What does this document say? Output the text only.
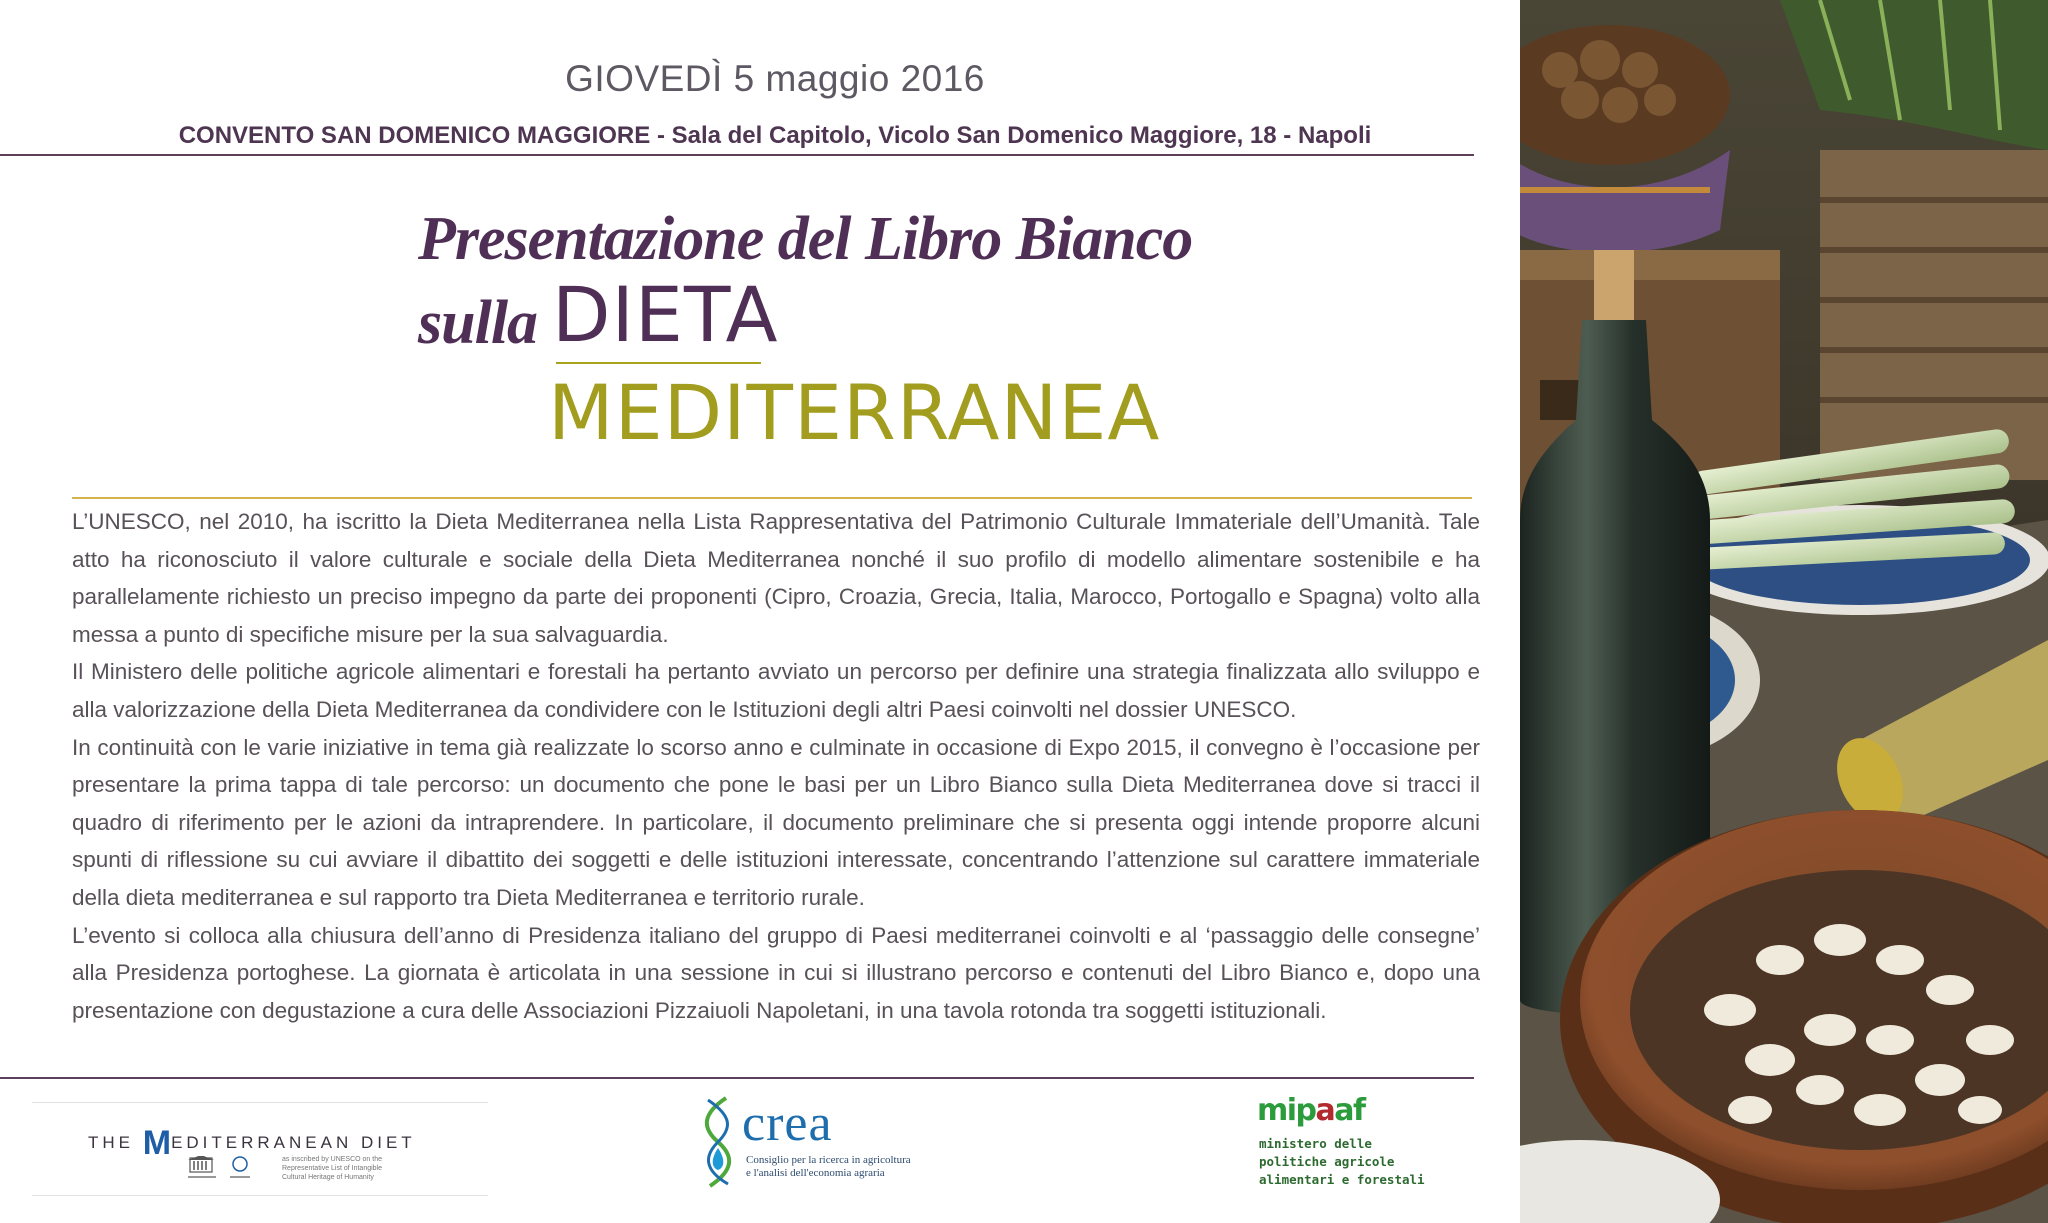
GIOVEDÌ 5 maggio 2016
CONVENTO SAN DOMENICO MAGGIORE - Sala del Capitolo, Vicolo San Domenico Maggiore, 18 - Napoli
Presentazione del Libro Bianco
sulla DIETA
MEDITERRANEA

L’UNESCO, nel 2010, ha iscritto la Dieta Mediterranea nella Lista Rappresentativa del Patrimonio Culturale Immateriale dell’Umanità. Tale atto ha riconosciuto il valore culturale e sociale della Dieta Mediterranea nonché il suo profilo di modello alimentare sostenibile e ha parallelamente richiesto un preciso impegno da parte dei proponenti (Cipro, Croazia, Grecia, Italia, Marocco, Portogallo e Spagna) volto alla messa a punto di specifiche misure per la sua salvaguardia.

Il Ministero delle politiche agricole alimentari e forestali ha pertanto avviato un percorso per definire una strategia finalizzata allo sviluppo e alla valorizzazione della Dieta Mediterranea da condividere con le Istituzioni degli altri Paesi coinvolti nel dossier UNESCO.

In continuità con le varie iniziative in tema già realizzate lo scorso anno e culminate in occasione di Expo 2015, il convegno è l’occasione per presentare la prima tappa di tale percorso: un documento che pone le basi per un Libro Bianco sulla Dieta Mediterranea dove si tracci il quadro di riferimento per le azioni da intraprendere. In particolare, il documento preliminare che si presenta oggi intende proporre alcuni spunti di riflessione su cui avviare il dibattito dei soggetti e delle istituzioni interessate, concentrando l’attenzione sul carattere immateriale della dieta mediterranea e sul rapporto tra Dieta Mediterranea e territorio rurale.

L’evento si colloca alla chiusura dell’anno di Presidenza italiano del gruppo di Paesi mediterranei coinvolti e al ‘passaggio delle consegne’ alla Presidenza portoghese. La giornata è articolata in una sessione in cui si illustrano percorso e contenuti del Libro Bianco e, dopo una presentazione con degustazione a cura delle Associazioni Pizzaiuoli Napoletani, in una tavola rotonda tra soggetti istituzionali.

THE MEDITERRANEAN DIET
as inscribed by UNESCO on the Representative List of Intangible Cultural Heritage of Humanity
crea
Consiglio per la ricerca in agricoltura
e l'analisi dell'economia agraria
mipaaf
ministero delle
politiche agricole
alimentari e forestali
